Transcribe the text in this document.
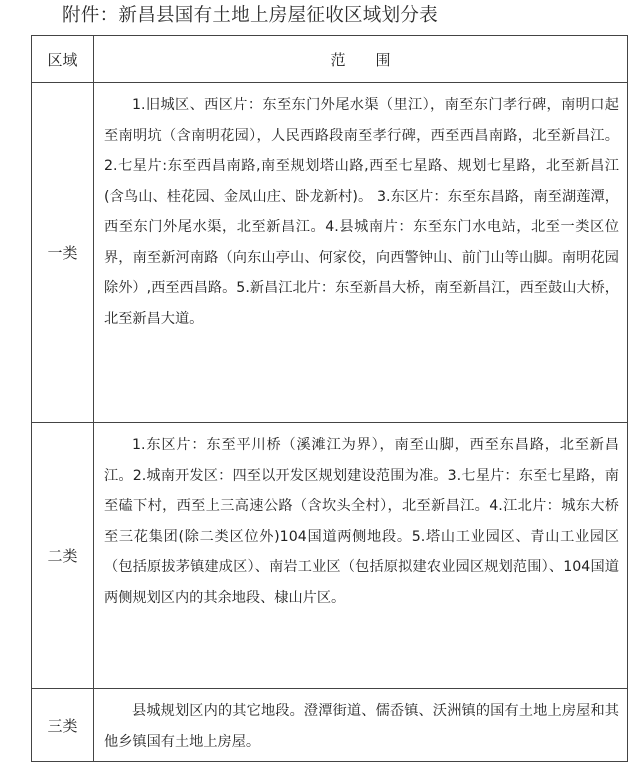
附件：新昌县国有土地上房屋征收区域划分表
区域	范围
一类	1.旧城区、西区片：东至东门外尾水渠（里江），南至东门孝行碑，南明口起至南明坑（含南明花园），人民西路段南至孝行碑，西至西昌南路，北至新昌江。2.七星片:东至西昌南路,南至规划塔山路,西至七星路、规划七星路，北至新昌江(含鸟山、桂花园、金凤山庄、卧龙新村)。 3.东区片：东至东昌路，南至湖莲潭，西至东门外尾水渠，北至新昌江。4.县城南片：东至东门水电站，北至一类区位界，南至新河南路（向东山亭山、何家佼，向西警钟山、前门山等山脚。南明花园除外）,西至西昌路。5.新昌江北片：东至新昌大桥，南至新昌江，西至鼓山大桥，北至新昌大道。
二类	1.东区片：东至平川桥（溪滩江为界），南至山脚，西至东昌路，北至新昌江。2.城南开发区：四至以开发区规划建设范围为准。3.七星片：东至七星路，南至磕下村，西至上三高速公路（含坎头全村），北至新昌江。4.江北片：城东大桥至三花集团(除二类区位外)104国道两侧地段。5.塔山工业园区、青山工业园区（包括原拔茅镇建成区）、南岩工业区（包括原拟建农业园区规划范围）、104国道两侧规划区内的其余地段、棣山片区。
三类	县城规划区内的其它地段。澄潭街道、儒岙镇、沃洲镇的国有土地上房屋和其他乡镇国有土地上房屋。
